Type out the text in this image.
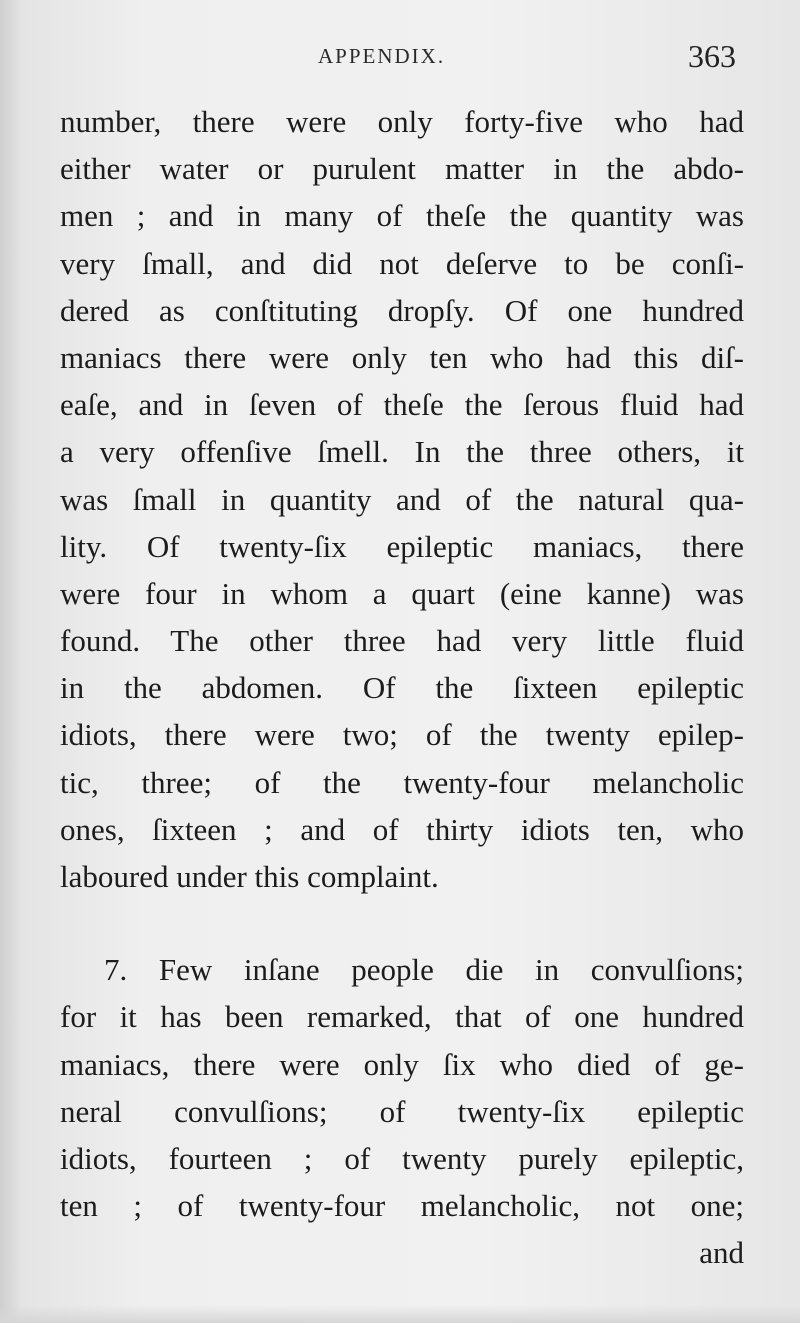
APPENDIX.	363
number, there were only forty-five who had
either water or purulent matter in the abdo-
men ; and in many of theſe the quantity was
very ſmall, and did not deſerve to be conſi-
dered as conſtituting dropſy. Of one hundred
maniacs there were only ten who had this diſ-
eaſe, and in ſeven of theſe the ſerous fluid had
a very offenſive ſmell. In the three others, it
was ſmall in quantity and of the natural qua-
lity. Of twenty-ſix epileptic maniacs, there
were four in whom a quart (eine kanne) was
found. The other three had very little fluid
in the abdomen. Of the ſixteen epileptic
idiots, there were two; of the twenty epilep-
tic, three; of the twenty-four melancholic
ones, ſixteen ; and of thirty idiots ten, who
laboured under this complaint.
7. Few inſane people die in convulſions;
for it has been remarked, that of one hundred
maniacs, there were only ſix who died of ge-
neral convulſions; of twenty-ſix epileptic
idiots, fourteen ; of twenty purely epileptic,
ten ; of twenty-four melancholic, not one;
and
